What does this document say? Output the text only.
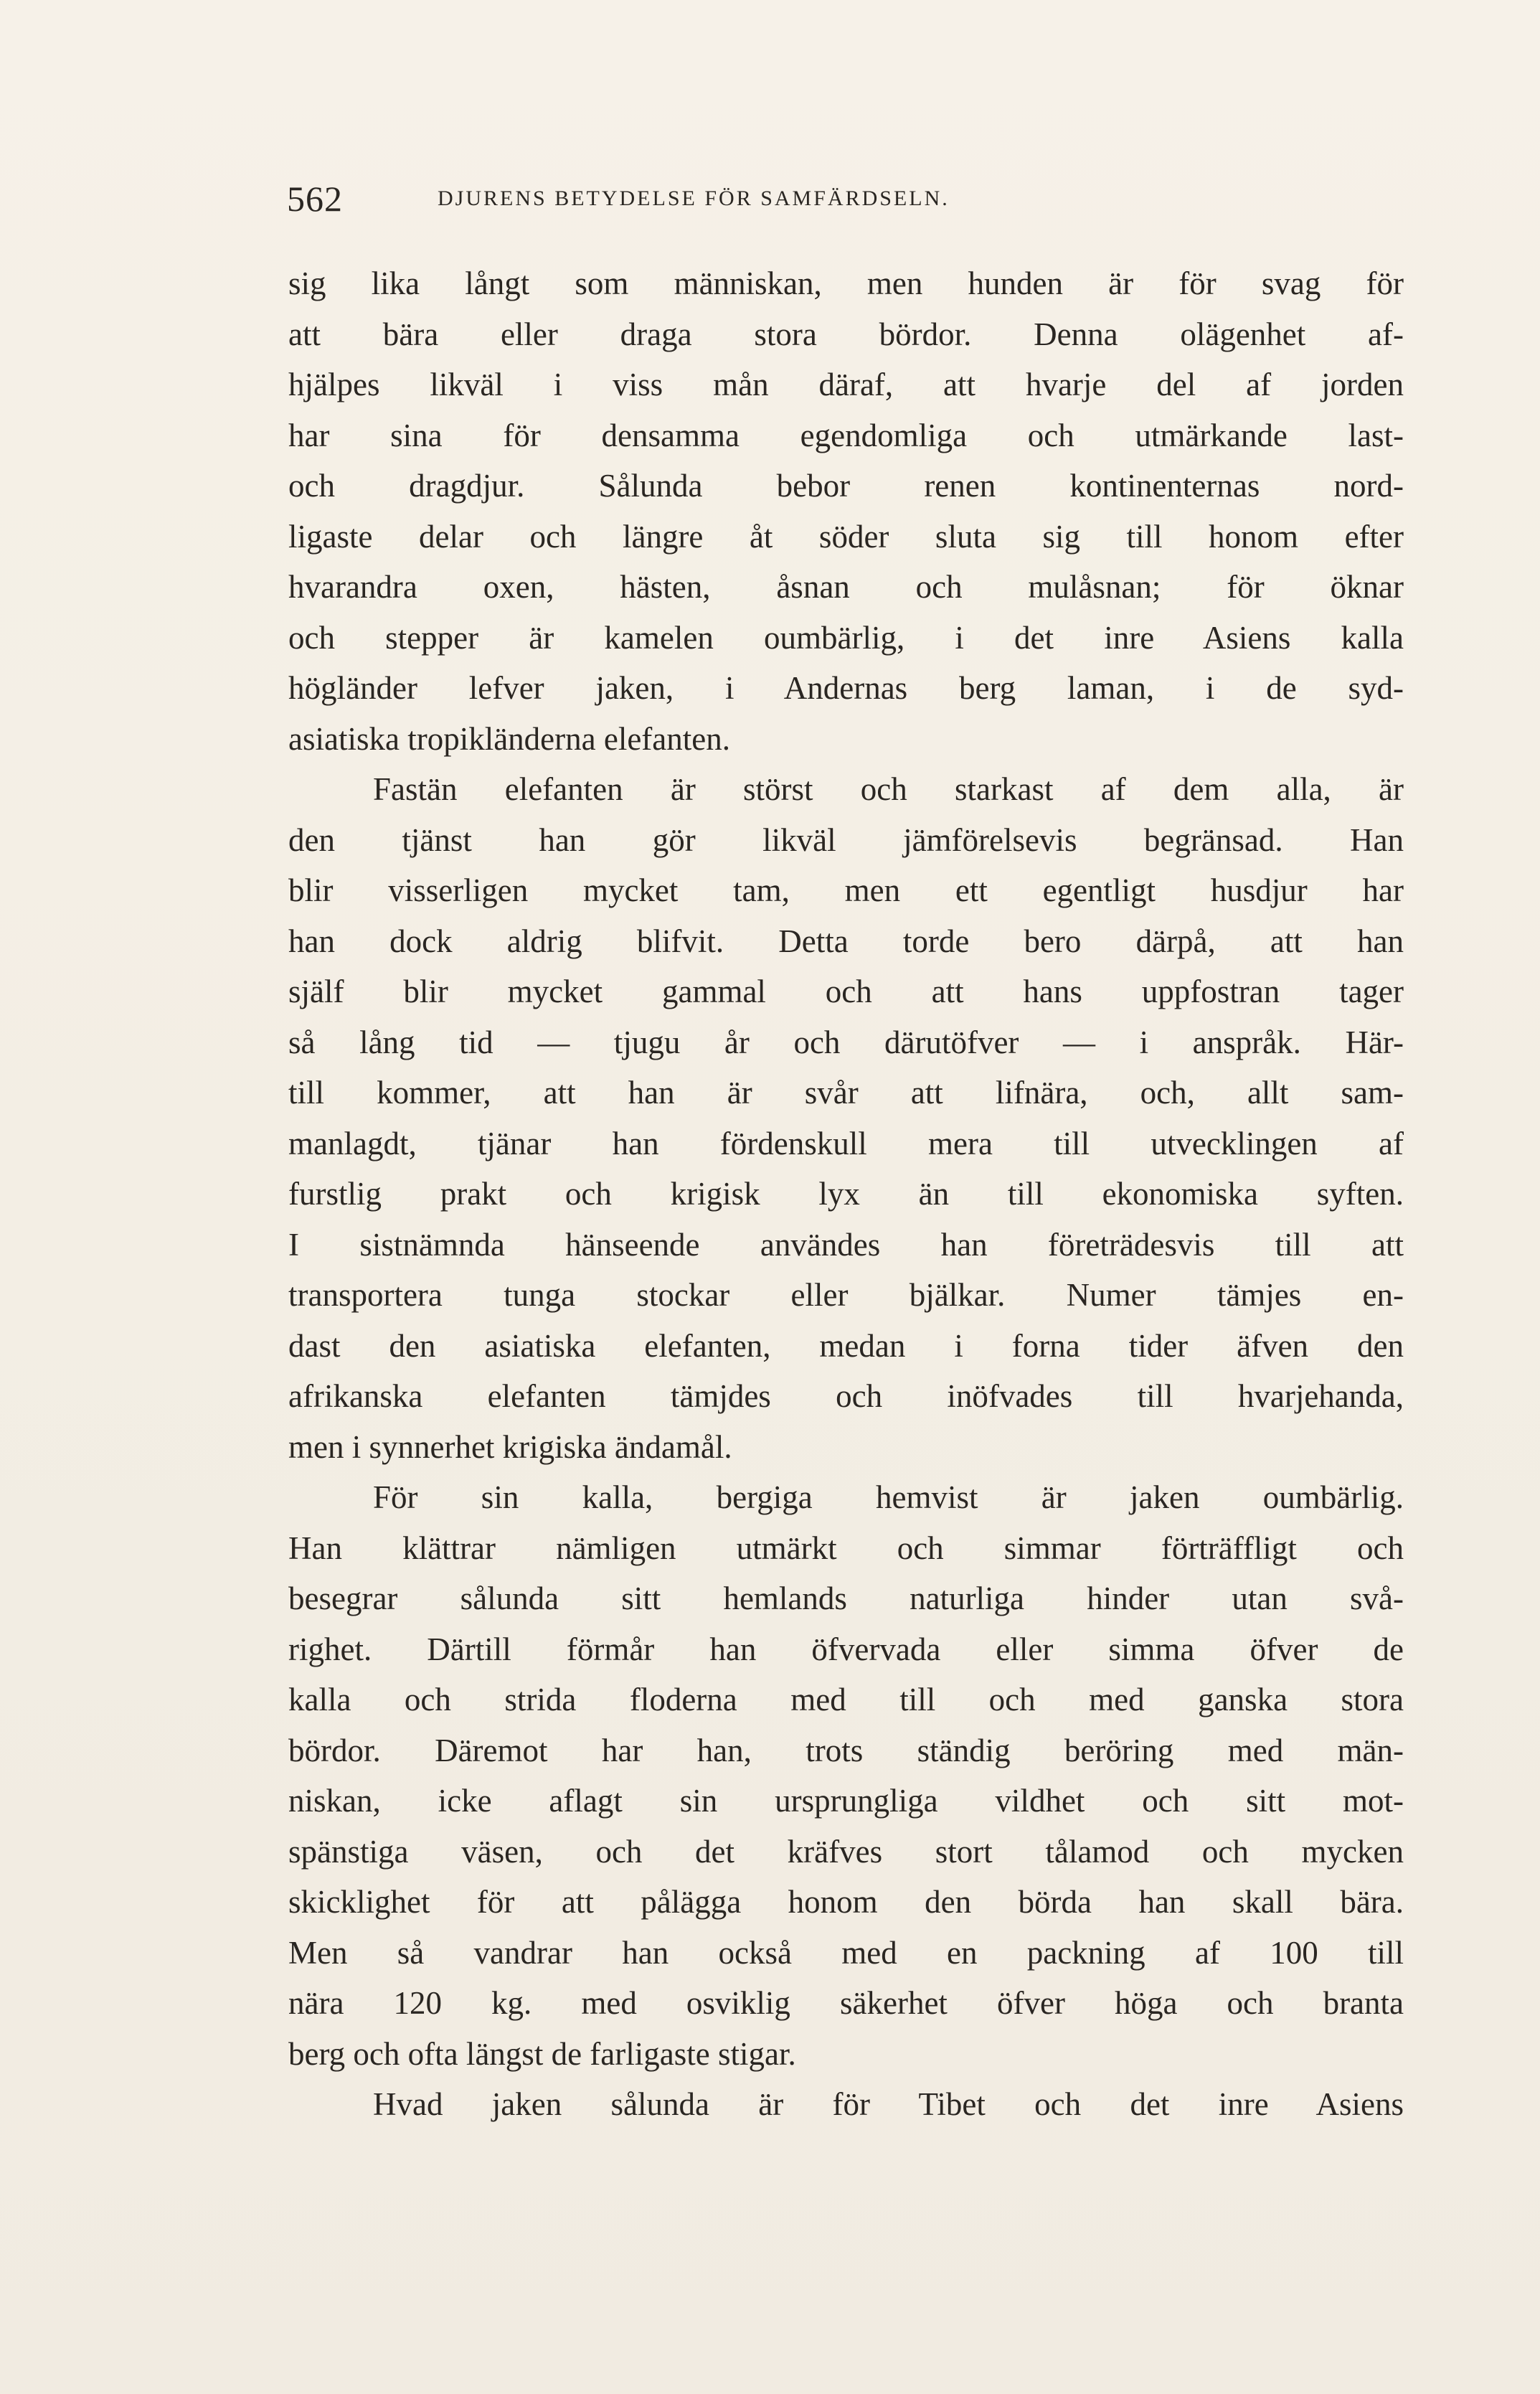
562	DJURENS BETYDELSE FÖR SAMFÄRDSELN.
sig lika långt som människan, men hunden är för svag för
att bära eller draga stora bördor. Denna olägenhet af-
hjälpes likväl i viss mån däraf, att hvarje del af jorden
har sina för densamma egendomliga och utmärkande last-
och dragdjur. Sålunda bebor renen kontinenternas nord-
ligaste delar och längre åt söder sluta sig till honom efter
hvarandra oxen, hästen, åsnan och mulåsnan; för öknar
och stepper är kamelen oumbärlig, i det inre Asiens kalla
högländer lefver jaken, i Andernas berg laman, i de syd-
asiatiska tropikländerna elefanten.
Fastän elefanten är störst och starkast af dem alla, är
den tjänst han gör likväl jämförelsevis begränsad. Han
blir visserligen mycket tam, men ett egentligt husdjur har
han dock aldrig blifvit. Detta torde bero därpå, att han
själf blir mycket gammal och att hans uppfostran tager
så lång tid — tjugu år och därutöfver — i anspråk. Här-
till kommer, att han är svår att lifnära, och, allt sam-
manlagdt, tjänar han fördenskull mera till utvecklingen af
furstlig prakt och krigisk lyx än till ekonomiska syften.
I sistnämnda hänseende användes han företrädesvis till att
transportera tunga stockar eller bjälkar. Numer tämjes en-
dast den asiatiska elefanten, medan i forna tider äfven den
afrikanska elefanten tämjdes och inöfvades till hvarjehanda,
men i synnerhet krigiska ändamål.
För sin kalla, bergiga hemvist är jaken oumbärlig.
Han klättrar nämligen utmärkt och simmar förträffligt och
besegrar sålunda sitt hemlands naturliga hinder utan svå-
righet. Därtill förmår han öfvervada eller simma öfver de
kalla och strida floderna med till och med ganska stora
bördor. Däremot har han, trots ständig beröring med män-
niskan, icke aflagt sin ursprungliga vildhet och sitt mot-
spänstiga väsen, och det kräfves stort tålamod och mycken
skicklighet för att pålägga honom den börda han skall bära.
Men så vandrar han också med en packning af 100 till
nära 120 kg. med osviklig säkerhet öfver höga och branta
berg och ofta längst de farligaste stigar.
Hvad jaken sålunda är för Tibet och det inre Asiens
